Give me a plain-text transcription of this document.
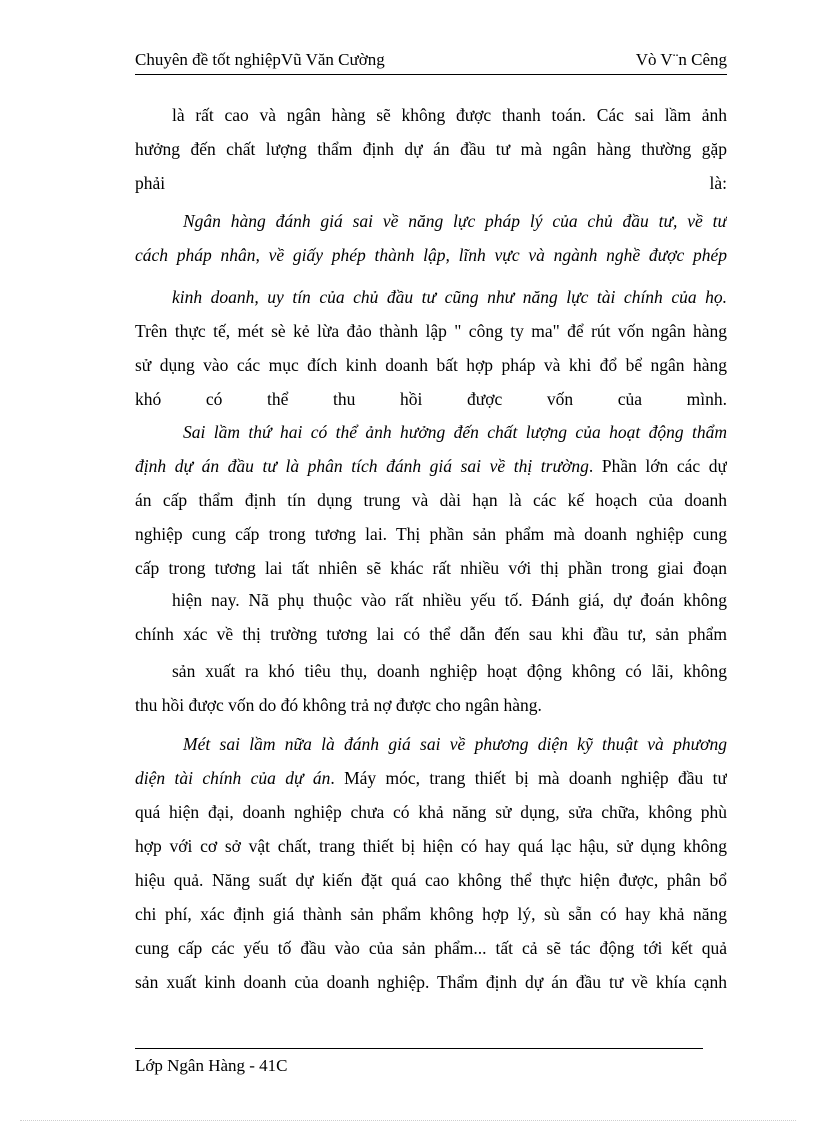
Chuyên đề tốt nghiệpVũ Văn Cường	Vò V¨n Cêng
là rất cao và ngân hàng sẽ không được thanh toán. Các sai lầm ảnh
hưởng đến chất lượng thẩm định dự án đầu tư mà ngân hàng thường gặp
phải	là:
Ngân hàng đánh giá sai về năng lực pháp lý của chủ đầu tư, về tư
cách pháp nhân, về giấy phép thành lập, lĩnh vực và ngành nghề được phép
kinh doanh, uy tín của chủ đầu tư cũng như năng lực tài chính của họ.
Trên thực tế, mét sè kẻ lừa đảo thành lập " công ty ma" để rút vốn ngân hàng
sử dụng vào các mục đích kinh doanh bất hợp pháp và khi đổ bể ngân hàng
khó có thể thu hồi được vốn của mình.
Sai lầm thứ hai có thể ảnh hưởng đến chất lượng của hoạt động thẩm
định dự án đầu tư là phân tích đánh giá sai về thị trường. Phần lớn các dự
án cấp thẩm định tín dụng trung và dài hạn là các kế hoạch của doanh
nghiệp cung cấp trong tương lai. Thị phần sản phẩm mà doanh nghiệp cung
cấp trong tương lai tất nhiên sẽ khác rất nhiều với thị phần trong giai đoạn
hiện nay. Nã phụ thuộc vào rất nhiều yếu tố. Đánh giá, dự đoán không
chính xác về thị trường tương lai có thể dẫn đến sau khi đầu tư, sản phẩm
sản xuất ra khó tiêu thụ, doanh nghiệp hoạt động không có lãi, không
thu hồi được vốn do đó không trả nợ được cho ngân hàng.
Mét sai lầm nữa là đánh giá sai về phương diện kỹ thuật và phương
diện tài chính của dự án. Máy móc, trang thiết bị mà doanh nghiệp đầu tư
quá hiện đại, doanh nghiệp chưa có khả năng sử dụng, sửa chữa, không phù
hợp với cơ sở vật chất, trang thiết bị hiện có hay quá lạc hậu, sử dụng không
hiệu quả. Năng suất dự kiến đặt quá cao không thể thực hiện được, phân bổ
chi phí, xác định giá thành sản phẩm không hợp lý, sù sẵn có hay khả năng
cung cấp các yếu tố đầu vào của sản phẩm... tất cả sẽ tác động tới kết quả
sản xuất kinh doanh của doanh nghiệp. Thẩm định dự án đầu tư về khía cạnh
Lớp Ngân Hàng - 41C
